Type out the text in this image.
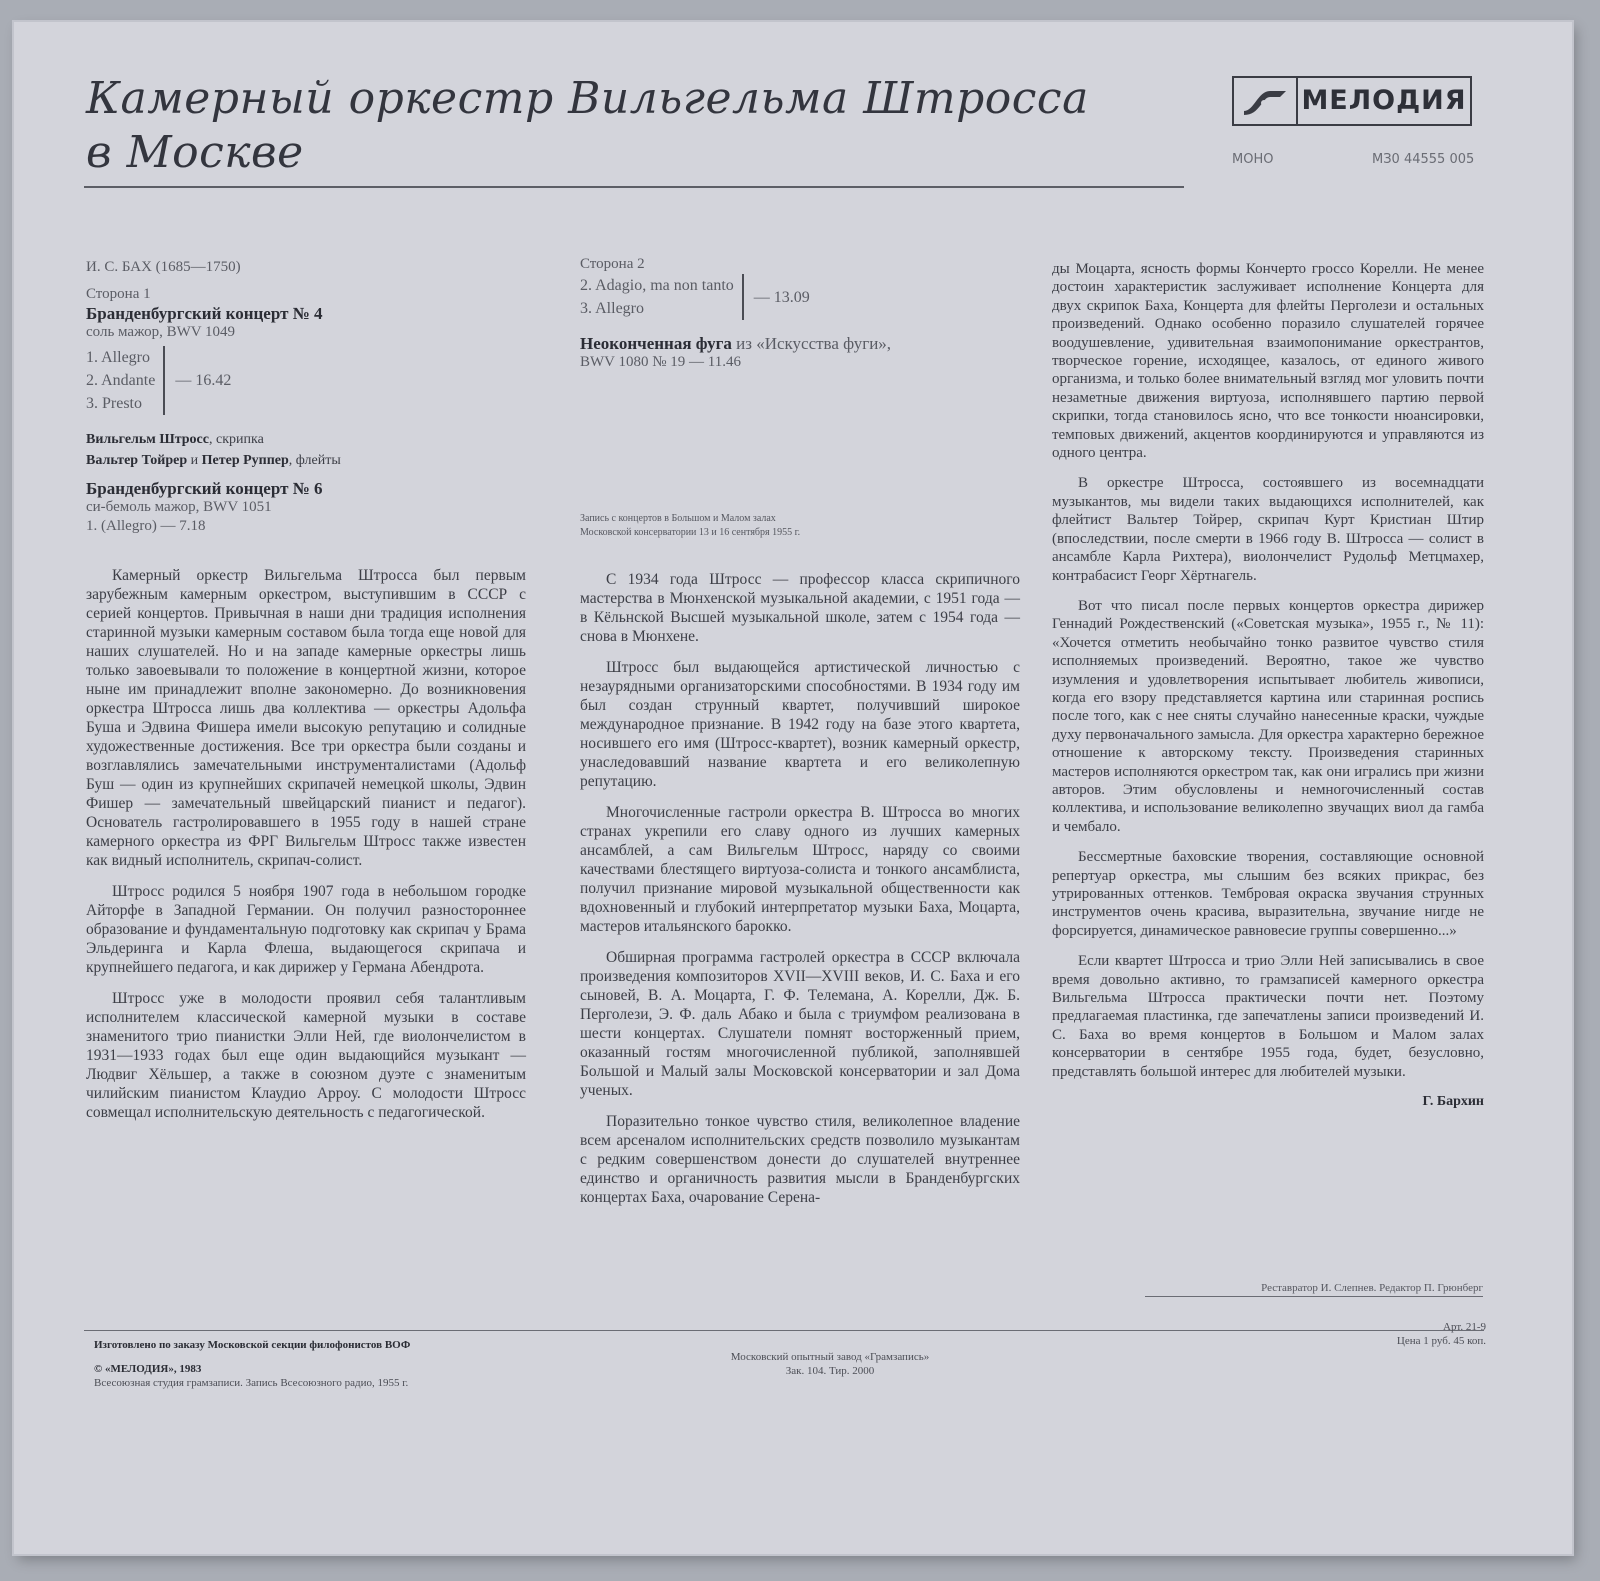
Камерный оркестр Вильгельма Штросса
в Москве
МЕЛОДИЯ
МОНО	МЗ0 44555 005
И. С. БАХ (1685—1750)
Сторона 1
Бранденбургский концерт № 4
соль мажор, BWV 1049
1. Allegro
2. Andante
3. Presto
— 16.42
Вильгельм Штросс, скрипка
Вальтер Тойрер и Петер Руппер, флейты
Бранденбургский концерт № 6
си-бемоль мажор, BWV 1051
1. (Allegro) — 7.18

Камерный оркестр Вильгельма Штросса был первым зарубежным камерным оркестром, выступившим в СССР с серией концертов. Привычная в наши дни традиция исполнения старинной музыки камерным составом была тогда еще новой для наших слушателей. Но и на западе камерные оркестры лишь только завоевывали то положение в концертной жизни, которое ныне им принадлежит вполне закономерно. До возникновения оркестра Штросса лишь два коллектива — оркестры Адольфа Буша и Эдвина Фишера имели высокую репутацию и солидные художественные достижения. Все три оркестра были созданы и возглавлялись замечательными инструменталистами (Адольф Буш — один из крупнейших скрипачей немецкой школы, Эдвин Фишер — замечательный швейцарский пианист и педагог). Основатель гастролировавшего в 1955 году в нашей стране камерного оркестра из ФРГ Вильгельм Штросс также известен как видный исполнитель, скрипач-солист.

Штросс родился 5 ноября 1907 года в небольшом городке Айторфе в Западной Германии. Он получил разностороннее образование и фундаментальную подготовку как скрипач у Брама Эльдеринга и Карла Флеша, выдающегося скрипача и крупнейшего педагога, и как дирижер у Германа Абендрота.

Штросс уже в молодости проявил себя талантливым исполнителем классической камерной музыки в составе знаменитого трио пианистки Элли Ней, где виолончелистом в 1931—1933 годах был еще один выдающийся музыкант — Людвиг Хёльшер, а также в союзном дуэте с знаменитым чилийским пианистом Клаудио Арроу. С молодости Штросс совмещал исполнительскую деятельность с педагогической.

Сторона 2
2. Adagio, ma non tanto
3. Allegro
— 13.09
Неоконченная фуга из «Искусства фуги»,
BWV 1080 № 19 — 11.46
Запись с концертов в Большом и Малом залах
Московской консерватории 13 и 16 сентября 1955 г.

С 1934 года Штросс — профессор класса скрипичного мастерства в Мюнхенской музыкальной академии, с 1951 года — в Кёльнской Высшей музыкальной школе, затем с 1954 года — снова в Мюнхене.

Штросс был выдающейся артистической личностью с незаурядными организаторскими способностями. В 1934 году им был создан струнный квартет, получивший широкое международное признание. В 1942 году на базе этого квартета, носившего его имя (Штросс-квартет), возник камерный оркестр, унаследовавший название квартета и его великолепную репутацию.

Многочисленные гастроли оркестра В. Штросса во многих странах укрепили его славу одного из лучших камерных ансамблей, а сам Вильгельм Штросс, наряду со своими качествами блестящего виртуоза-солиста и тонкого ансамблиста, получил признание мировой музыкальной общественности как вдохновенный и глубокий интерпретатор музыки Баха, Моцарта, мастеров итальянского барокко.

Обширная программа гастролей оркестра в СССР включала произведения композиторов XVII—XVIII веков, И. С. Баха и его сыновей, В. А. Моцарта, Г. Ф. Телемана, А. Корелли, Дж. Б. Перголези, Э. Ф. даль Абако и была с триумфом реализована в шести концертах. Слушатели помнят восторженный прием, оказанный гостям многочисленной публикой, заполнявшей Большой и Малый залы Московской консерватории и зал Дома ученых.

Поразительно тонкое чувство стиля, великолепное владение всем арсеналом исполнительских средств позволило музыкантам с редким совершенством донести до слушателей внутреннее единство и органичность развития мысли в Бранденбургских концертах Баха, очарование Серена-

ды Моцарта, ясность формы Кончерто гроссо Корелли. Не менее достоин характеристик заслуживает исполнение Концерта для двух скрипок Баха, Концерта для флейты Перголези и остальных произведений. Однако особенно поразило слушателей горячее воодушевление, удивительная взаимопонимание оркестрантов, творческое горение, исходящее, казалось, от единого живого организма, и только более внимательный взгляд мог уловить почти незаметные движения виртуоза, исполнявшего партию первой скрипки, тогда становилось ясно, что все тонкости нюансировки, темповых движений, акцентов координируются и управляются из одного центра.

В оркестре Штросса, состоявшего из восемнадцати музыкантов, мы видели таких выдающихся исполнителей, как флейтист Вальтер Тойрер, скрипач Курт Кристиан Штир (впоследствии, после смерти в 1966 году В. Штросса — солист в ансамбле Карла Рихтера), виолончелист Рудольф Метцмахер, контрабасист Георг Хёртнагель.

Вот что писал после первых концертов оркестра дирижер Геннадий Рождественский («Советская музыка», 1955 г., № 11): «Хочется отметить необычайно тонко развитое чувство стиля исполняемых произведений. Вероятно, такое же чувство изумления и удовлетворения испытывает любитель живописи, когда его взору представляется картина или старинная роспись после того, как с нее сняты случайно нанесенные краски, чуждые духу первоначального замысла. Для оркестра характерно бережное отношение к авторскому тексту. Произведения старинных мастеров исполняются оркестром так, как они игрались при жизни авторов. Этим обусловлены и немногочисленный состав коллектива, и использование великолепно звучащих виол да гамба и чембало.

Бессмертные баховские творения, составляющие основной репертуар оркестра, мы слышим без всяких прикрас, без утрированных оттенков. Тембровая окраска звучания струнных инструментов очень красива, выразительна, звучание нигде не форсируется, динамическое равновесие группы совершенно...»

Если квартет Штросса и трио Элли Ней записывались в свое время довольно активно, то грамзаписей камерного оркестра Вильгельма Штросса практически почти нет. Поэтому предлагаемая пластинка, где запечатлены записи произведений И. С. Баха во время концертов в Большом и Малом залах консерватории в сентябре 1955 года, будет, безусловно, представлять большой интерес для любителей музыки.

Г. Бархин
Реставратор И. Слепнев. Редактор П. Грюнберг
Изготовлено по заказу Московской секции филофонистов ВОФ
© «МЕЛОДИЯ», 1983
Всесоюзная студия грамзаписи. Запись Всесоюзного радио, 1955 г.
Московский опытный завод «Грамзапись»
Зак. 104. Тир. 2000
Арт. 21-9
Цена 1 руб. 45 коп.
